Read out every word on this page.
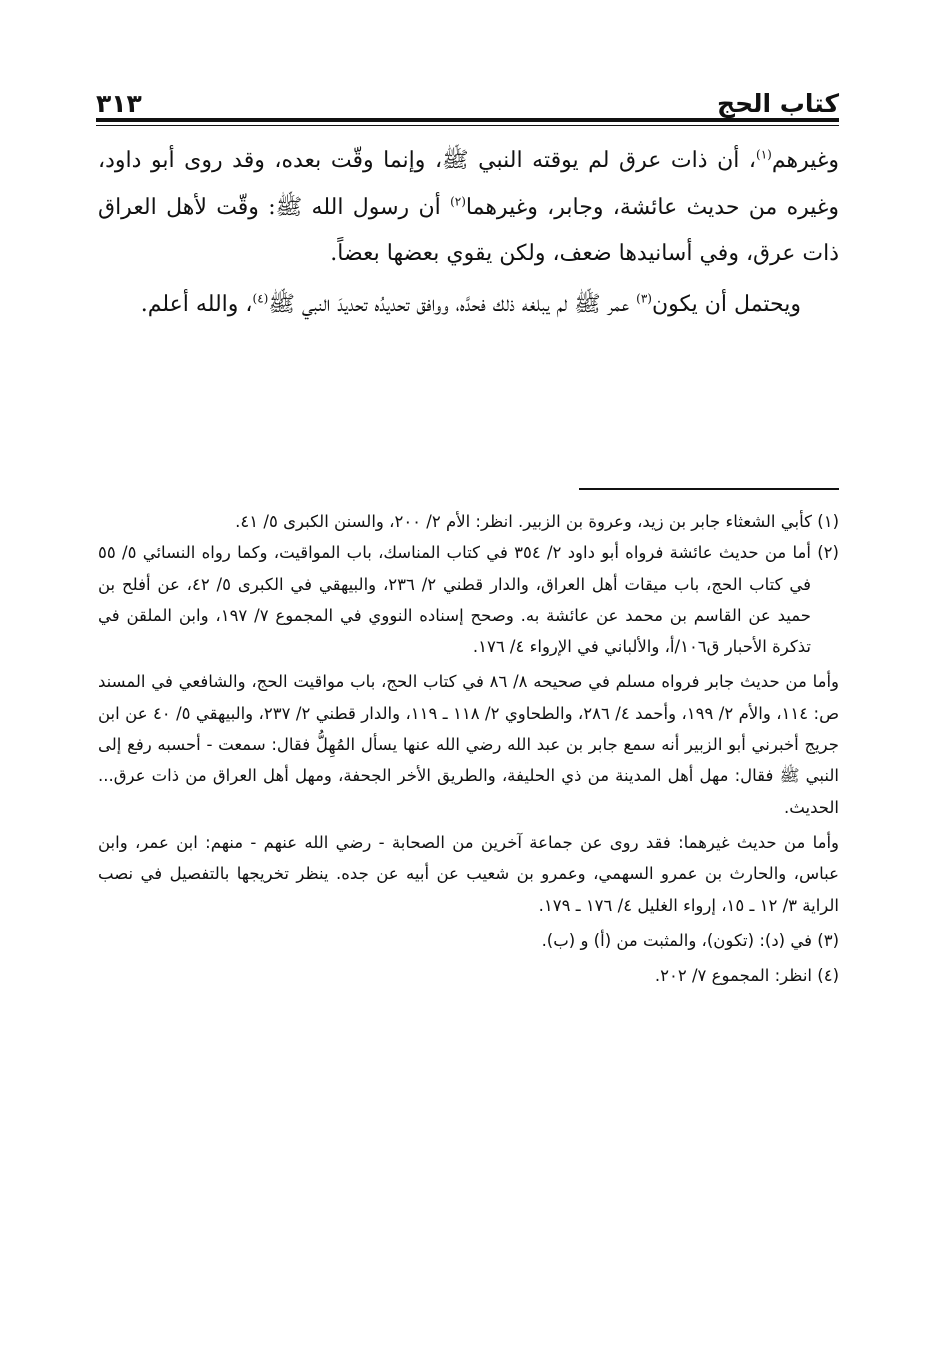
٣١٣	كتاب الحج

وغيرهم$^{(١)}$، أن ذات عرق لم يوقته النبي ﷺ، وإنما وقّت بعده، وقد روى أبو داود، وغيره من حديث عائشة، وجابر، وغيرهما$^{(٢)}$ أن رسول الله ﷺ: وقّت لأهل العراق ذات عرق، وفي أسانيدها ضعف، ولكن يقوي بعضها بعضاً.

ويحتمل أن يكون$^{(٣)}$ عمر ﷺ لم يبلغه ذلك فحدَّه، ووافق تحديدُه تحديدَ النبي ﷺ$^{(٤)}$، والله أعلم.

(١) كأبي الشعثاء جابر بن زيد، وعروة بن الزبير. انظر: الأم ٢/ ٢٠٠، والسنن الكبرى ٥/ ٤١.

(٢) أما من حديث عائشة فرواه أبو داود ٢/ ٣٥٤ في كتاب المناسك، باب المواقيت، وكما رواه النسائي ٥/ ٥٥ في كتاب الحج، باب ميقات أهل العراق، والدار قطني ٢/ ٢٣٦، والبيهقي في الكبرى ٥/ ٤٢، عن أفلح بن حميد عن القاسم بن محمد عن عائشة به. وصحح إسناده النووي في المجموع ٧/ ١٩٧، وابن الملقن في تذكرة الأحبار ق١٠٦/أ، والألباني في الإرواء ٤/ ١٧٦.

وأما من حديث جابر فرواه مسلم في صحيحه ٨/ ٨٦ في كتاب الحج، باب مواقيت الحج، والشافعي في المسند ص: ١١٤، والأم ٢/ ١٩٩، وأحمد ٤/ ٢٨٦، والطحاوي ٢/ ١١٨ ـ ١١٩، والدار قطني ٢/ ٢٣٧، والبيهقي ٥/ ٤٠ عن ابن جريج أخبرني أبو الزبير أنه سمع جابر بن عبد الله رضي الله عنها يسأل المُهِلُّ فقال: سمعت - أحسبه رفع إلى النبي ﷺ فقال: مهل أهل المدينة من ذي الحليفة، والطريق الأخر الجحفة، ومهل أهل العراق من ذات عرق... الحديث.

وأما من حديث غيرهما: فقد روى عن جماعة آخرين من الصحابة - رضي الله عنهم - منهم: ابن عمر، وابن عباس، والحارث بن عمرو السهمي، وعمرو بن شعيب عن أبيه عن جده. ينظر تخريجها بالتفصيل في نصب الراية ٣/ ١٢ ـ ١٥، إرواء الغليل ٤/ ١٧٦ ـ ١٧٩.

(٣) في (د): (تكون)، والمثبت من (أ) و (ب).

(٤) انظر: المجموع ٧/ ٢٠٢.
